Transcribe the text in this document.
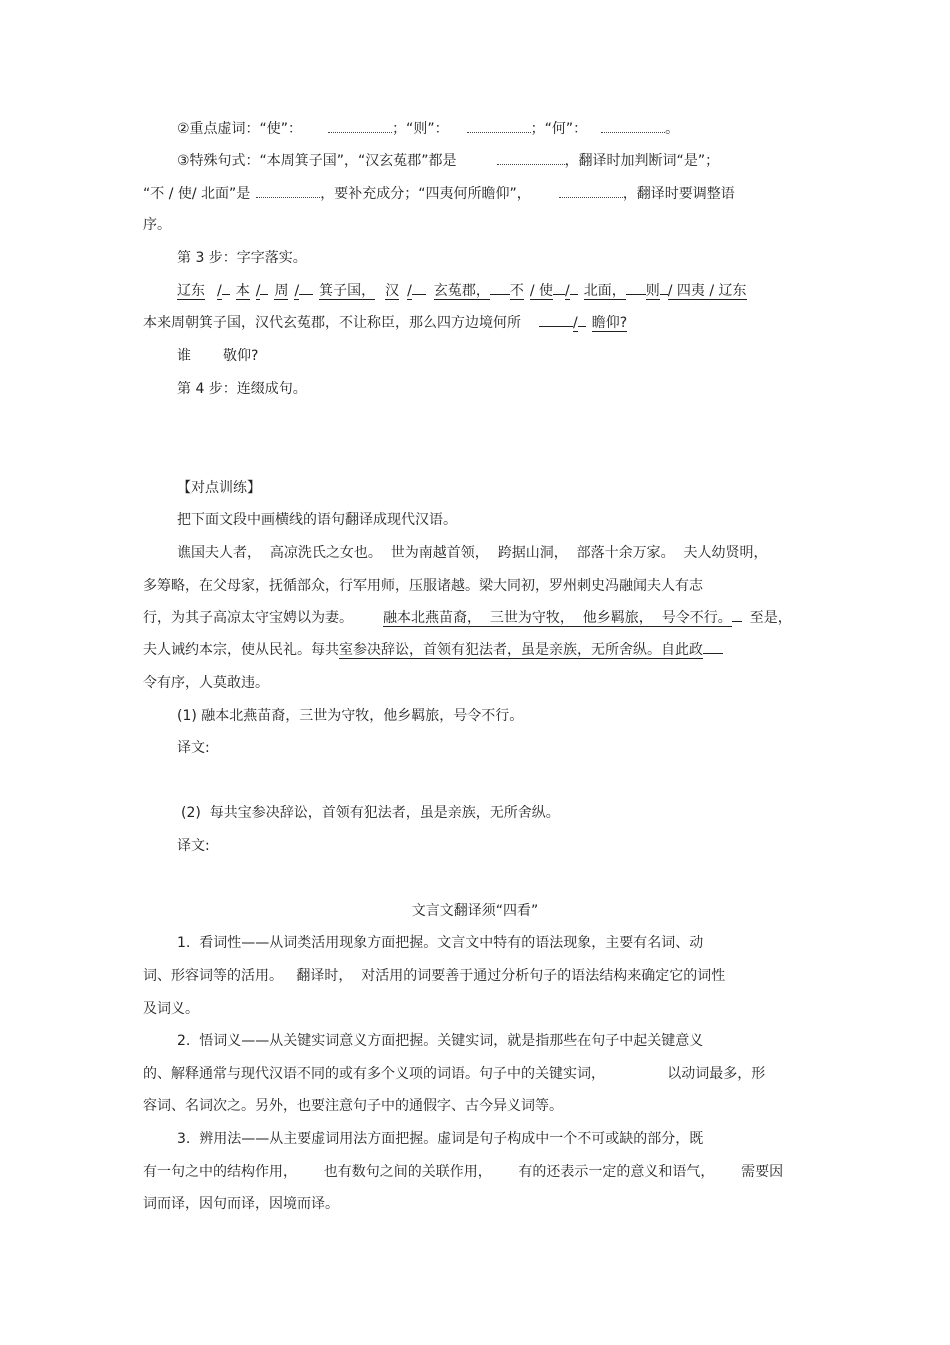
②重点虚词：“使”：	；“则”：	；“何”：	。
③特殊句式：“本周箕子国”，“汉玄菟郡”都是	，翻译时加判断词“是”；
“不 / 使/ 北面”是	，要补充成分；“四夷何所瞻仰”，	，翻译时要调整语
序。
第 3 步：字字落实。
辽东 / 本 / 周 / 箕子国， 汉 / 玄菟郡， 不 / 使 / 北面， 则 / 四夷 / 辽东
本来周朝箕子国，汉代玄菟郡，不让称臣，那么四方边境何所	/ 瞻仰?
谁 敬仰?
第 4 步：连缀成句。
【对点训练】
把下面文段中画横线的语句翻译成现代汉语。
谯国夫人者，  高凉洗氏之女也。  世为南越首领，  跨据山洞，  部落十余万家。  夫人幼贤明，
多筹略，在父母家，抚循部众，行军用师，压服诸越。梁大同初，罗州刺史冯融闻夫人有志
行，为其子高凉太守宝娉以为妻。 融本北燕苗裔，  三世为守牧，  他乡羁旅，  号令不行。 至是，
夫人诫约本宗，使从民礼。每共室参决辞讼，首领有犯法者，虽是亲族，无所舍纵。自此政
令有序，人莫敢违。
(1) 融本北燕苗裔，三世为守牧，他乡羁旅，号令不行。
译文:
(2)  每共宝参决辞讼，首领有犯法者，虽是亲族，无所舍纵。
译文:
文言文翻译须“四看”
1.  看词性——从词类活用现象方面把握。文言文中特有的语法现象，主要有名词、动
词、形容词等的活用。   翻译时，  对活用的词要善于通过分析句子的语法结构来确定它的词性
及词义。
2.  悟词义——从关键实词意义方面把握。关键实词，就是指那些在句子中起关键意义
的、解释通常与现代汉语不同的或有多个义项的词语。句子中的关键实词，              以动词最多，形
容词、名词次之。另外，也要注意句子中的通假字、古今异义词等。
3.  辨用法——从主要虚词用法方面把握。虚词是句子构成中一个不可或缺的部分，既
有一句之中的结构作用，      也有数句之间的关联作用，      有的还表示一定的意义和语气，      需要因
词而译，因句而译，因境而译。
